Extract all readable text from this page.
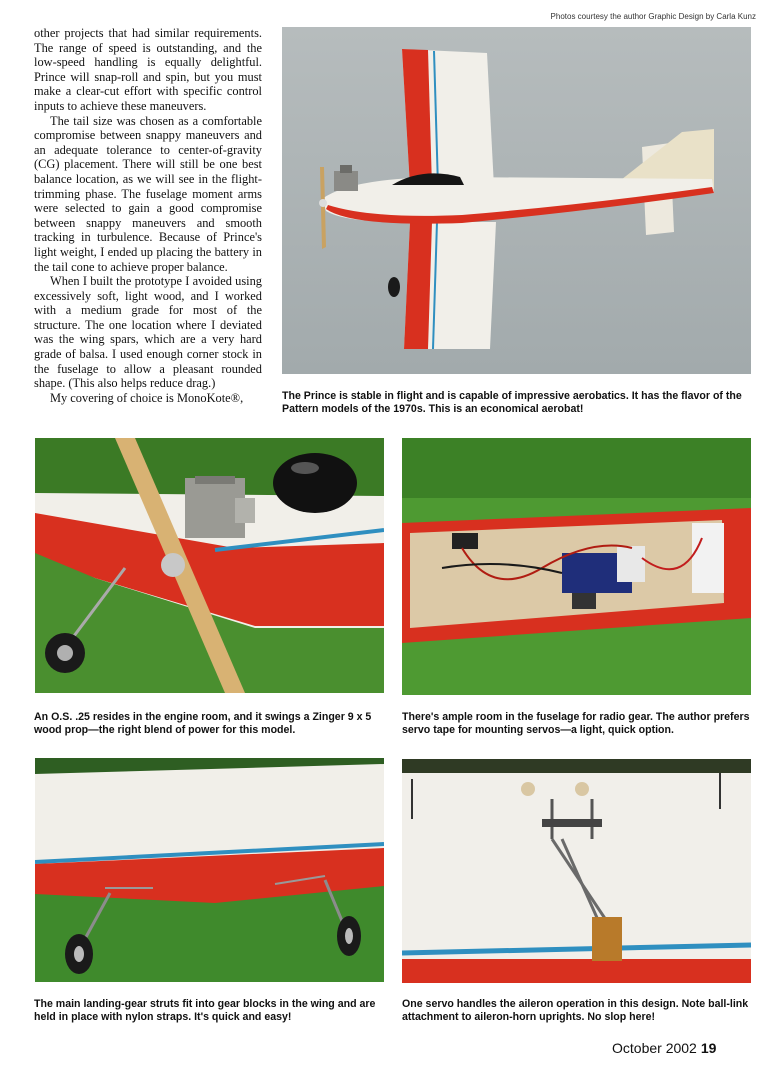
Photos courtesy the author Graphic Design by Carla Kunz

other projects that had similar requirements. The range of speed is outstanding, and the low-speed handling is equally delightful. Prince will snap-roll and spin, but you must make a clear-cut effort with specific control inputs to achieve these maneuvers.

The tail size was chosen as a comfortable compromise between snappy maneuvers and an adequate tolerance to center-of-gravity (CG) placement. There will still be one best balance location, as we will see in the flight-trimming phase. The fuselage moment arms were selected to gain a good compromise between snappy maneuvers and smooth tracking in turbulence. Because of Prince's light weight, I ended up placing the battery in the tail cone to achieve proper balance.

When I built the prototype I avoided using excessively soft, light wood, and I worked with a medium grade for most of the structure. The one location where I deviated was the wing spars, which are a very hard grade of balsa. I used enough corner stock in the fuselage to allow a pleasant rounded shape. (This also helps reduce drag.)

My covering of choice is MonoKote®,	The Prince is stable in flight and is capable of impressive aerobatics. It has the flavor of the Pattern models of the 1970s. This is an economical aerobat!
An O.S. .25 resides in the engine room, and it swings a Zinger 9 x 5 wood prop—the right blend of power for this model.
There's ample room in the fuselage for radio gear. The author prefers servo tape for mounting servos—a light, quick option.
The main landing-gear struts fit into gear blocks in the wing and are held in place with nylon straps. It's quick and easy!
One servo handles the aileron operation in this design. Note ball-link attachment to aileron-horn uprights. No slop here!
October 2002 19
